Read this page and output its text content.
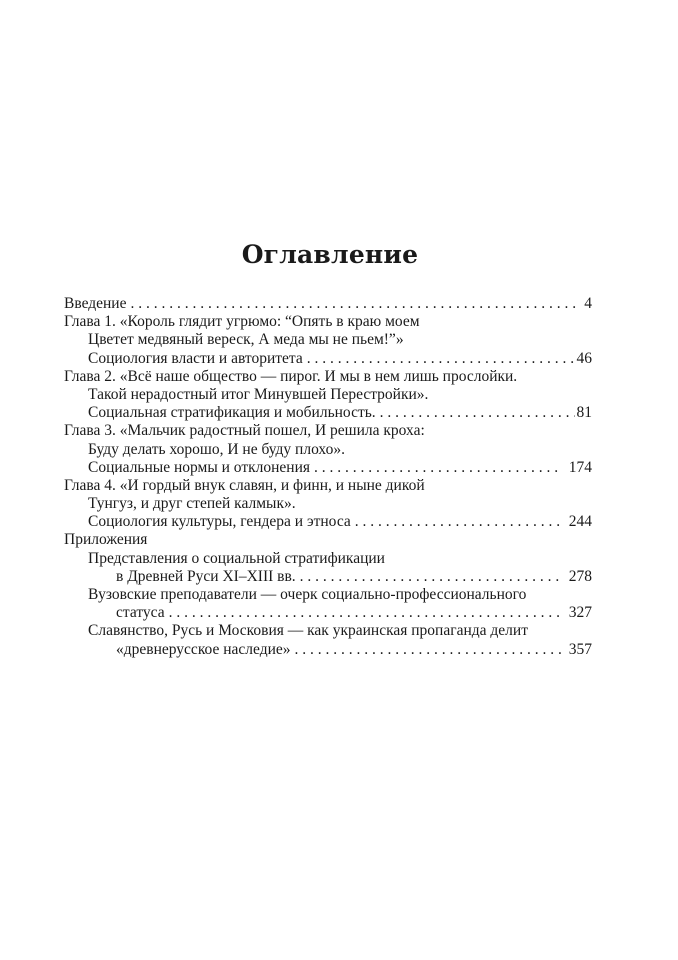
Оглавление
Введение . . .	4
Глава 1. «Король глядит угрюмо: “Опять в краю моем
Цветет медвяный вереск, А меда мы не пьем!”»
Социология власти и авторитета . . .	46
Глава 2. «Всё наше общество — пирог. И мы в нем лишь прослойки.
Такой нерадостный итог Минувшей Перестройки».
Социальная стратификация и мобильность. . . .	81
Глава 3. «Мальчик радостный пошел, И решила кроха:
Буду делать хорошо, И не буду плохо».
Социальные нормы и отклонения . . .	174
Глава 4. «И гордый внук славян, и финн, и ныне дикой
Тунгуз, и друг степей калмык».
Социология культуры, гендера и этноса . . .	244
Приложения
Представления о социальной стратификации
в Древней Руси XI–XIII вв. . . .	278
Вузовские преподаватели — очерк социально-профессионального
статуса . . .	327
Славянство, Русь и Московия — как украинская пропаганда делит
«древнерусское наследие» . . .	357
